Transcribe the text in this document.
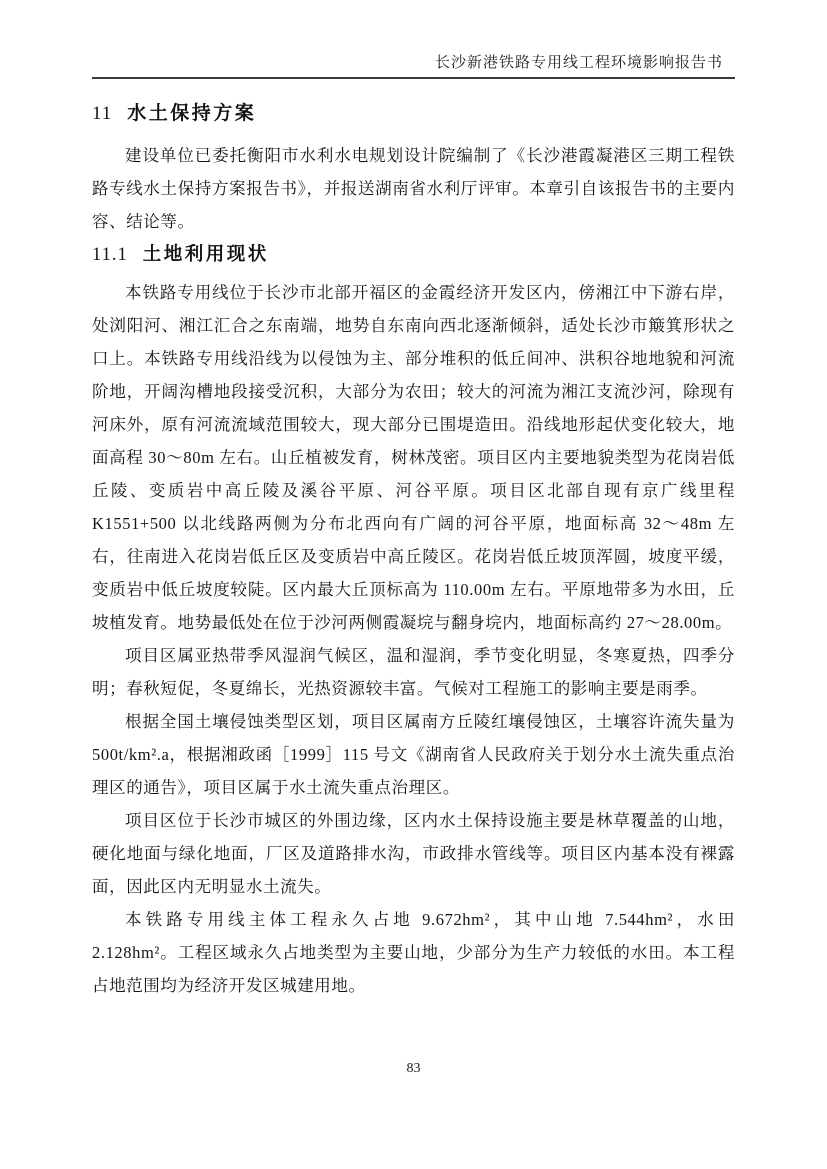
长沙新港铁路专用线工程环境影响报告书
11 水土保持方案

建设单位已委托衡阳市水利水电规划设计院编制了《长沙港霞凝港区三期工程铁路专线水土保持方案报告书》，并报送湖南省水利厅评审。本章引自该报告书的主要内容、结论等。

11.1 土地利用现状

本铁路专用线位于长沙市北部开福区的金霞经济开发区内，傍湘江中下游右岸，处浏阳河、湘江汇合之东南端，地势自东南向西北逐渐倾斜，适处长沙市簸箕形状之口上。本铁路专用线沿线为以侵蚀为主、部分堆积的低丘间冲、洪积谷地地貌和河流阶地，开阔沟槽地段接受沉积，大部分为农田；较大的河流为湘江支流沙河，除现有河床外，原有河流流域范围较大，现大部分已围堤造田。沿线地形起伏变化较大，地面高程 30～80m 左右。山丘植被发育，树林茂密。项目区内主要地貌类型为花岗岩低丘陵、变质岩中高丘陵及溪谷平原、河谷平原。项目区北部自现有京广线里程 K1551+500 以北线路两侧为分布北西向有广阔的河谷平原，地面标高 32～48m 左右，往南进入花岗岩低丘区及变质岩中高丘陵区。花岗岩低丘坡顶浑圆，坡度平缓，变质岩中低丘坡度较陡。区内最大丘顶标高为 110.00m 左右。平原地带多为水田，丘坡植发育。地势最低处在位于沙河两侧霞凝垸与翻身垸内，地面标高约 27～28.00m。

项目区属亚热带季风湿润气候区，温和湿润，季节变化明显，冬寒夏热，四季分明；春秋短促，冬夏绵长，光热资源较丰富。气候对工程施工的影响主要是雨季。

根据全国土壤侵蚀类型区划，项目区属南方丘陵红壤侵蚀区，土壤容许流失量为 500t/km².a，根据湘政函［1999］115 号文《湖南省人民政府关于划分水土流失重点治理区的通告》，项目区属于水土流失重点治理区。

项目区位于长沙市城区的外围边缘，区内水土保持设施主要是林草覆盖的山地，硬化地面与绿化地面，厂区及道路排水沟，市政排水管线等。项目区内基本没有裸露面，因此区内无明显水土流失。

本铁路专用线主体工程永久占地 9.672hm²，其中山地 7.544hm²，水田 2.128hm²。工程区域永久占地类型为主要山地，少部分为生产力较低的水田。本工程占地范围均为经济开发区城建用地。

83
